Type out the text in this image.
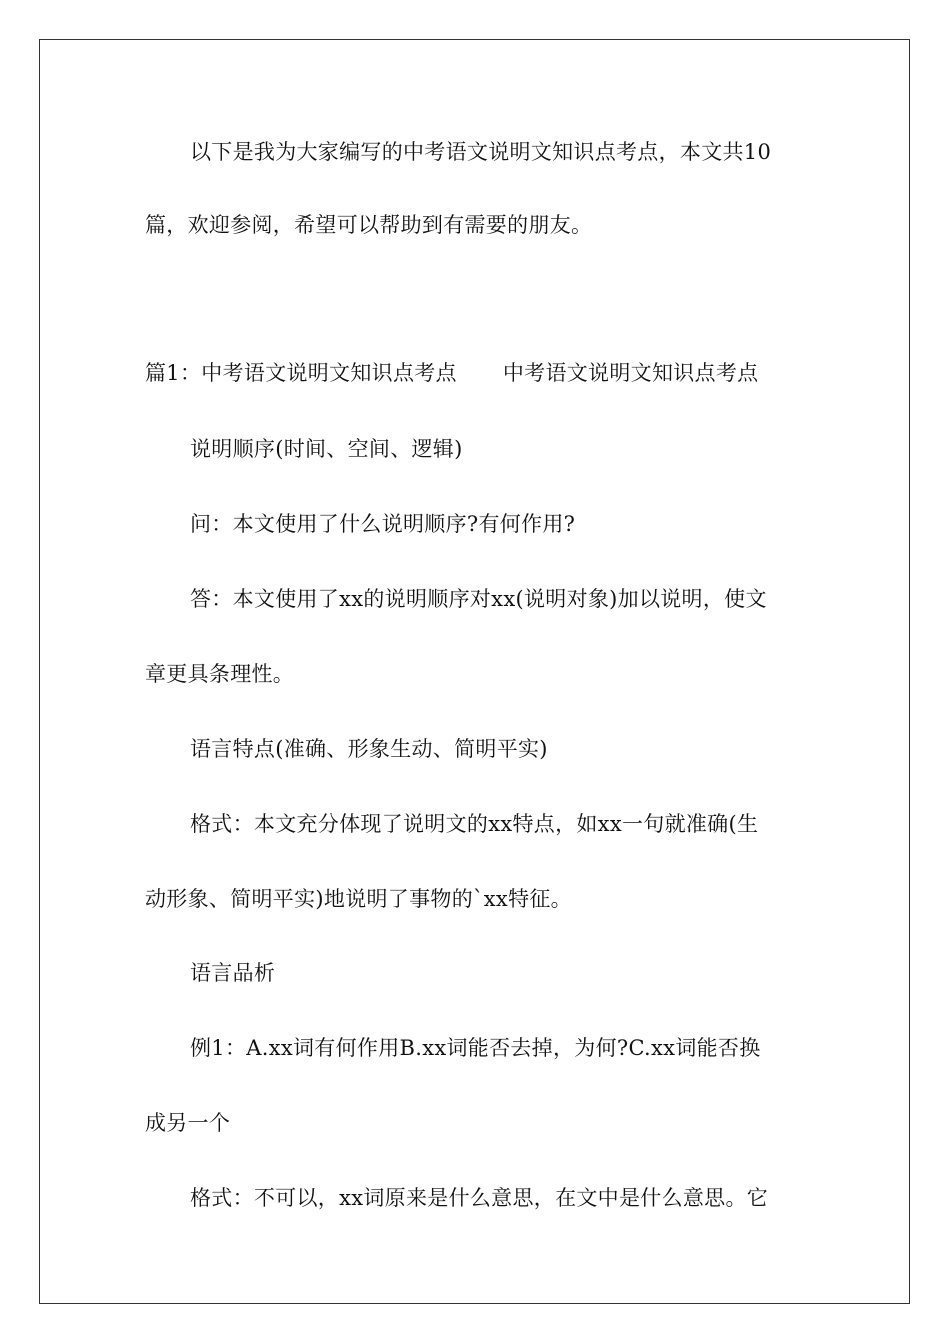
以下是我为大家编写的中考语文说明文知识点考点，本文共10
篇，欢迎参阅，希望可以帮助到有需要的朋友。
篇1：中考语文说明文知识点考点 中考语文说明文知识点考点
说明顺序(时间、空间、逻辑)
问：本文使用了什么说明顺序?有何作用?
答：本文使用了xx的说明顺序对xx(说明对象)加以说明，使文
章更具条理性。
语言特点(准确、形象生动、简明平实)
格式：本文充分体现了说明文的xx特点，如xx一句就准确(生
动形象、简明平实)地说明了事物的`xx特征。
语言品析
例1：A.xx词有何作用B.xx词能否去掉，为何?C.xx词能否换
成另一个
格式：不可以，xx词原来是什么意思，在文中是什么意思。它
